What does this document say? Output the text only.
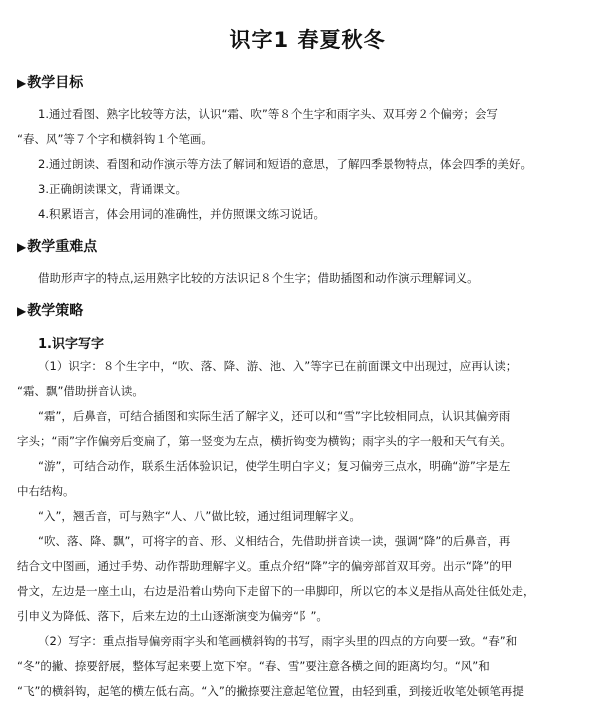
识字1 春夏秋冬
▶教学目标
1.通过看图、熟字比较等方法，认识“霜、吹”等８个生字和雨字头、双耳旁２个偏旁；会写
“春、风”等７个字和横斜钩１个笔画。
2.通过朗读、看图和动作演示等方法了解词和短语的意思，了解四季景物特点，体会四季的美好。
3.正确朗读课文，背诵课文。
4.积累语言，体会用词的准确性，并仿照课文练习说话。
▶教学重难点
借助形声字的特点,运用熟字比较的方法识记８个生字；借助插图和动作演示理解词义。
▶教学策略
1.识字写字
（1）识字：８个生字中，“吹、落、降、游、池、入”等字已在前面课文中出现过，应再认读；
“霜、飘”借助拼音认读。
“霜”，后鼻音，可结合插图和实际生活了解字义，还可以和“雪”字比较相同点，认识其偏旁雨
字头；“雨”字作偏旁后变扁了，第一竖变为左点，横折钩变为横钩；雨字头的字一般和天气有关。
“游”，可结合动作，联系生活体验识记，使学生明白字义；复习偏旁三点水，明确“游”字是左
中右结构。
“入”，翘舌音，可与熟字“人、八”做比较，通过组词理解字义。
“吹、落、降、飘”，可将字的音、形、义相结合，先借助拼音读一读，强调“降”的后鼻音，再
结合文中图画，通过手势、动作帮助理解字义。重点介绍“降”字的偏旁部首双耳旁。出示“降”的甲
骨文，左边是一座土山，右边是沿着山势向下走留下的一串脚印，所以它的本义是指从高处往低处走，
引申义为降低、落下，后来左边的土山逐渐演变为偏旁“阝”。
（2）写字：重点指导偏旁雨字头和笔画横斜钩的书写，雨字头里的四点的方向要一致。“春”和
“冬”的撇、捺要舒展，整体写起来要上宽下窄。“春、雪”要注意各横之间的距离均匀。“风”和
“飞”的横斜钩，起笔的横左低右高。“入”的撇捺要注意起笔位置，由轻到重，到接近收笔处顿笔再提
